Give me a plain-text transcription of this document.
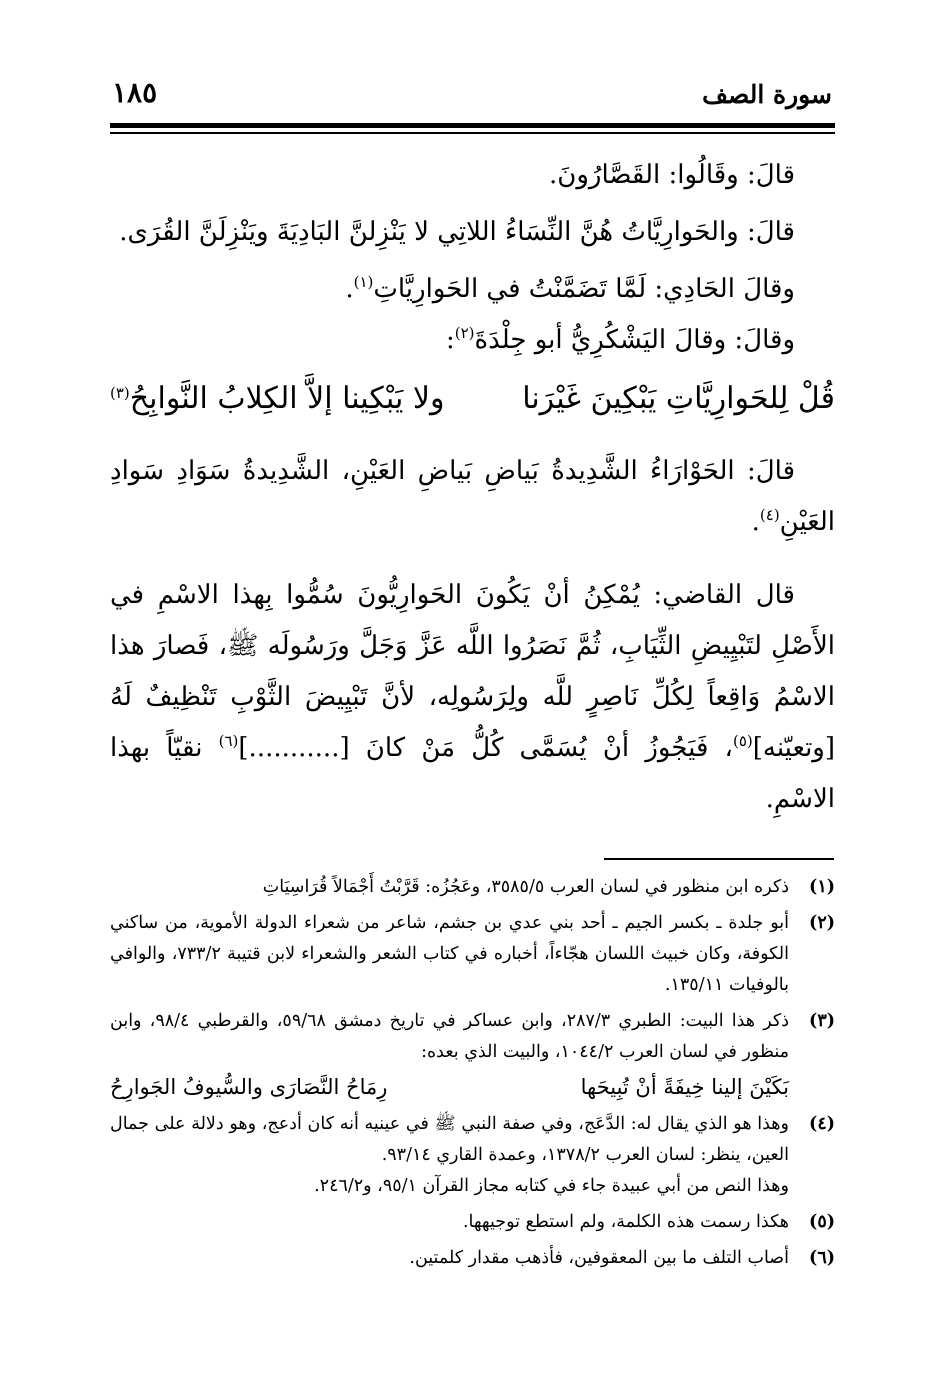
سورة الصف
١٨٥

قالَ: وقَالُوا: القَصَّارُونَ.

قالَ: والحَوارِيَّاتُ هُنَّ النِّسَاءُ اللاتِي لا يَنْزِلنَّ البَادِيَةَ ويَنْزِلَنَّ القُرَى.

وقالَ الحَادِي: لَمَّا تَضَمَّنْتُ في الحَوارِيَّاتِ$^{(١)}$.

وقالَ: وقالَ اليَشْكُرِيُّ أبو جِلْدَةَ$^{(٢)}$:

قُلْ لِلحَوارِيَّاتِ يَبْكِينَ غَيْرَنا
ولا يَبْكِينا إلاَّ الكِلابُ النَّوابِحُ$^{(٣)}$

قالَ: الحَوْارَاءُ الشَّدِيدةُ بَياضِ بَياضِ العَيْنِ، الشَّدِيدةُ سَوَادِ سَوادِ العَيْنِ$^{(٤)}$.

قال القاضي: يُمْكِنُ أنْ يَكُونَ الحَوارِيُّونَ سُمُّوا بِهذا الاسْمِ في الأَصْلِ لتَبْيِيضِ الثِّيَابِ، ثُمَّ نَصَرُوا اللَّه عَزَّ وَجَلَّ ورَسُولَه ﷺ، فَصارَ هذا الاسْمُ وَاقِعاً لِكُلِّ نَاصِرٍ للَّه ولِرَسُولِه، لأنَّ تَبْيِيضَ الثَّوْبِ تَنْظِيفٌ لَهُ [وتعيّنه]$^{(٥)}$، فَيَجُوزُ أنْ يُسَمَّى كُلُّ مَنْ كانَ [...........]$^{(٦)}$ نقيّاً بهذا الاسْمِ.

(١)

ذكره ابن منظور في لسان العرب ٣٥٨٥/٥، وعَجُزُه: قَرَّبْتُ أَجْمَالاً قُرَاسِيَاتِ

(٢)

أبو جلدة ـ بكسر الجيم ـ أحد بني عدي بن جشم، شاعر من شعراء الدولة الأموية، من ساكني الكوفة، وكان خبيث اللسان هجّاءاً، أخباره في كتاب الشعر والشعراء لابن قتيبة ٧٣٣/٢، والوافي بالوفيات ١٣٥/١١.

(٣)

ذكر هذا البيت: الطبري ٢٨٧/٣، وابن عساكر في تاريخ دمشق ٥٩/٦٨، والقرطبي ٩٨/٤، وابن منظور في لسان العرب ١٠٤٤/٢، والبيت الذي بعده:

بَكَيْنَ إلينا خِيفَةً أنْ تُبِيحَها
رِمَاحُ النَّصَارَى والسُّيوفُ الجَوارِحُ
(٤)

وهذا هو الذي يقال له: الدَّعَج، وفي صفة النبي ﷺ في عينيه أنه كان أدعج، وهو دلالة على جمال العين، ينظر: لسان العرب ١٣٧٨/٢، وعمدة القاري ٩٣/١٤.

وهذا النص من أبي عبيدة جاء في كتابه مجاز القرآن ٩٥/١، و٢٤٦/٢.

(٥)

هكذا رسمت هذه الكلمة، ولم استطع توجيهها.

(٦)

أصاب التلف ما بين المعقوفين، فأذهب مقدار كلمتين.
